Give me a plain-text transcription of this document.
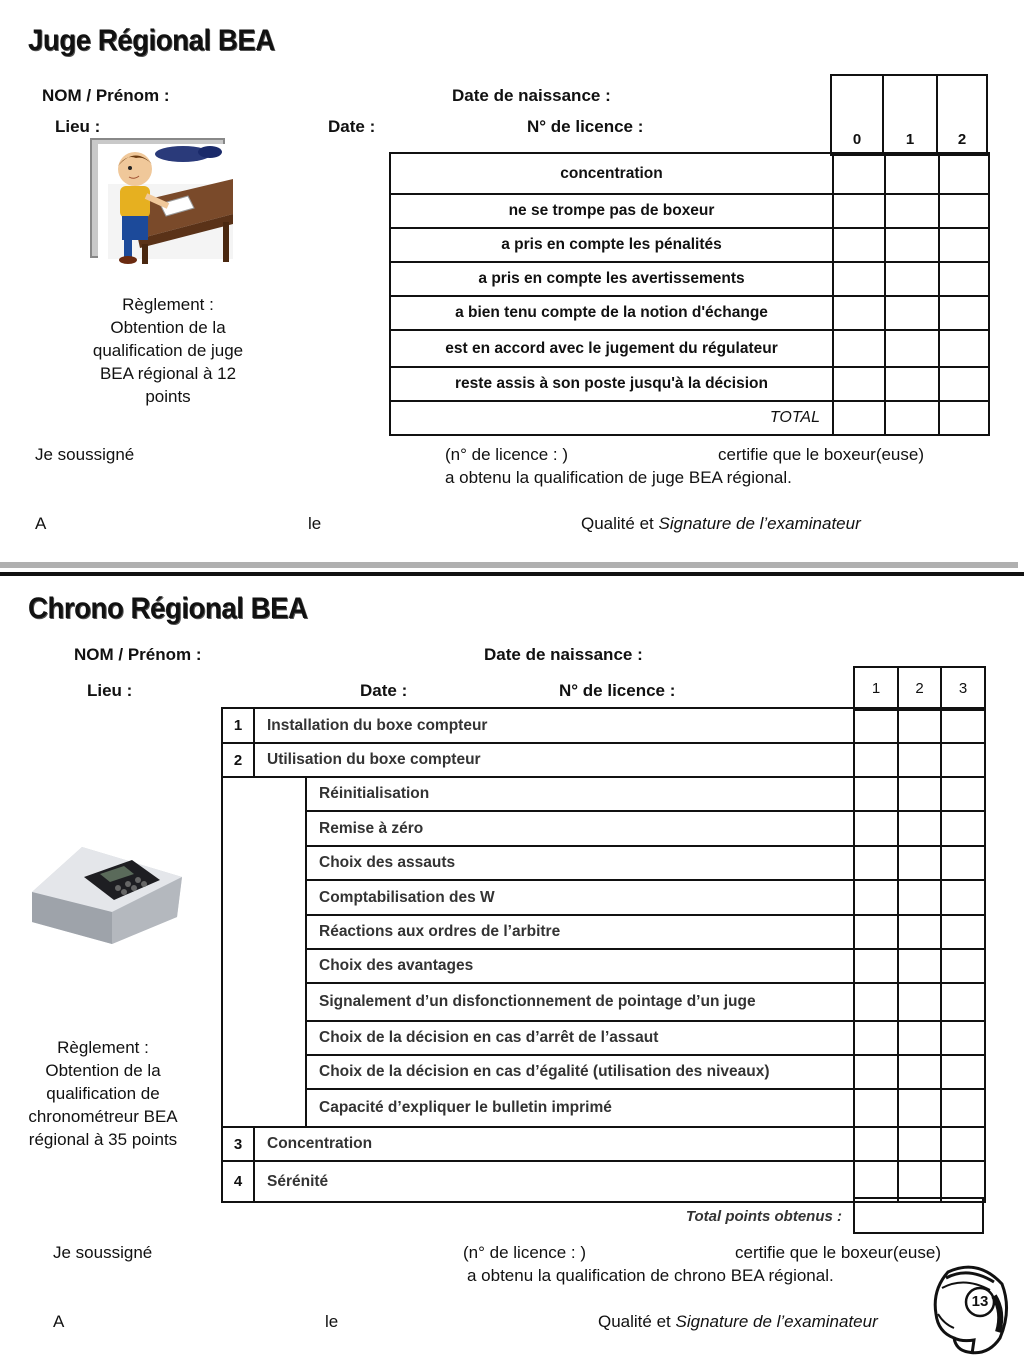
Juge Régional BEA
NOM / Prénom :	Date de naissance :
Lieu :	Date :	N° de licence :
Règlement :
Obtention de la
qualification de juge
BEA régional à 12
points
0	1	2
concentration			
ne se trompe pas de boxeur			
a pris en compte les pénalités			
a pris en compte les avertissements			
a bien tenu compte de la notion d'échange			
est en accord avec le jugement du régulateur			
reste assis à son poste jusqu'à la décision			
TOTAL			
Je soussigné	(n° de licence : )	certifie que le boxeur(euse)
a obtenu la qualification de juge BEA régional.
A	le	Qualité et Signature de l’examinateur
Chrono Régional BEA
NOM / Prénom :	Date de naissance :
Lieu :	Date :	N° de licence :
Règlement :
Obtention de la
qualification de
chronométreur BEA
régional à 35 points
1	2	3
1	Installation du boxe compteur				
2	Utilisation du boxe compteur				
		Réinitialisation			
		Remise à zéro			
		Choix des assauts			
		Comptabilisation des W			
		Réactions aux ordres de l’arbitre			
		Choix des avantages			
		Signalement d’un disfonctionnement de pointage d’un juge			
		Choix de la décision en cas d’arrêt de l’assaut			
		Choix de la décision en cas d’égalité (utilisation des niveaux)			
		Capacité d’expliquer le bulletin imprimé			
3	Concentration				
4	Sérénité				
Total points obtenus :
Je soussigné	(n° de licence : )	certifie que le boxeur(euse)
a obtenu la qualification de chrono BEA régional.
A	le	Qualité et Signature de l’examinateur
13
